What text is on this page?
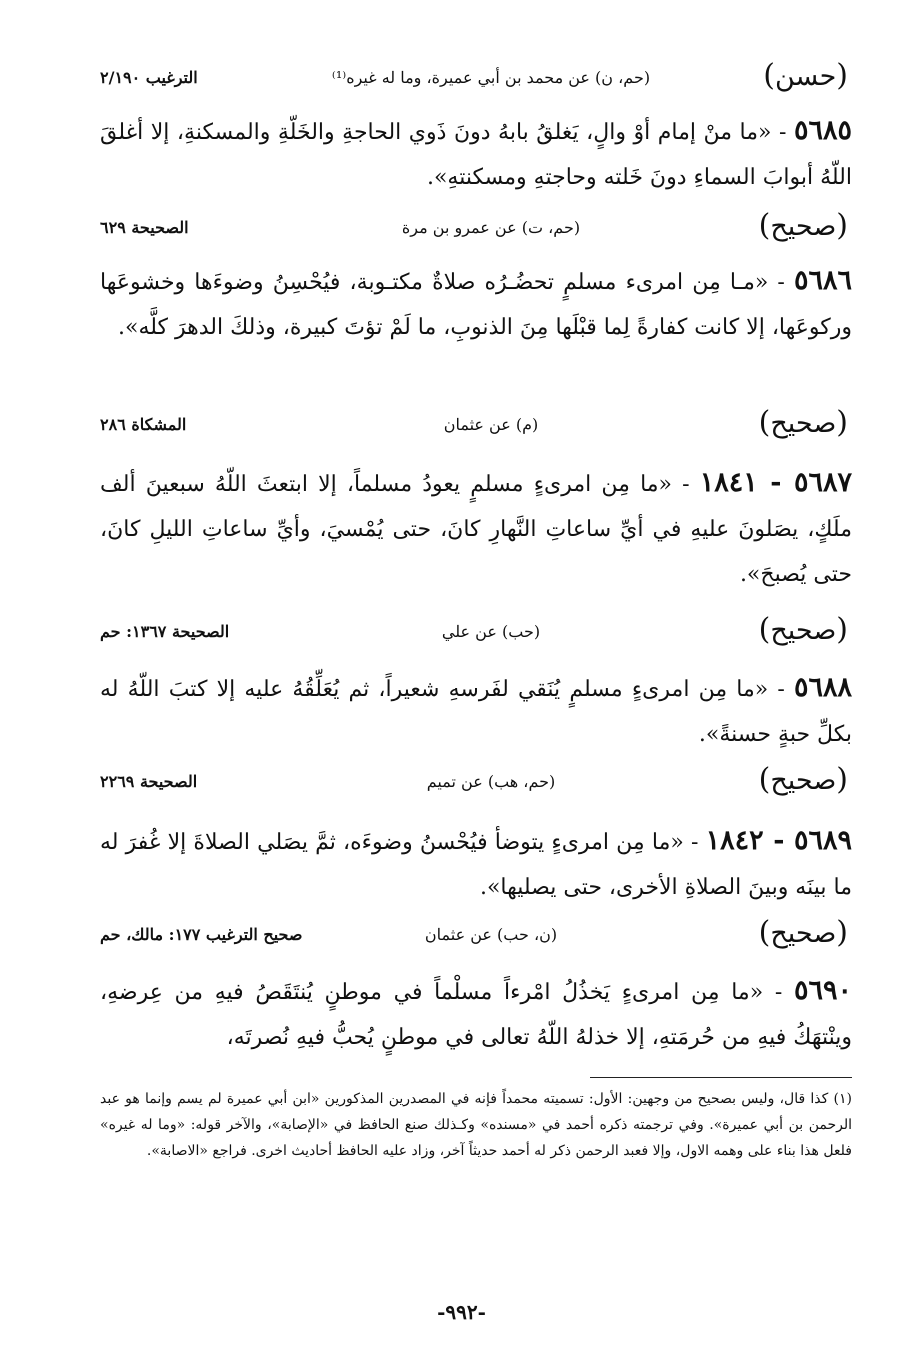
(حسن)
(حم، ن) عن محمد بن أبي عميرة، وما له غيره⁽¹⁾
الترغيب ٢/١٩٠
٥٦٨٥ - «ما منْ إمام أوْ والٍ، يَغلقُ بابهُ دونَ ذَوي الحاجةِ والخَلّةِ والمسكنةِ، إلا أغلقَ اللّهُ أبوابَ السماءِ دونَ خَلته وحاجتهِ ومسكنتهِ».
(صحيح)
(حم، ت) عن عمرو بن مرة
الصحيحة ٦٢٩
٥٦٨٦ - «مـا مِن امرىء مسلمٍ تحضُـرُه صلاةٌ مكتـوبة، فيُحْسِنُ وضوءَها وخشوعَها وركوعَها، إلا كانت كفارةً لِما قبْلَها مِنَ الذنوبِ، ما لَمْ تؤتَ كبيرة، وذلكَ الدهرَ كلَّه».
(صحيح)
(م) عن عثمان
المشكاة ٢٨٦
٥٦٨٧ - ١٨٤١ - «ما مِن امرىءٍ مسلمٍ يعودُ مسلماً، إلا ابتعثَ اللّهُ سبعينَ ألف ملَكٍ، يصَلونَ عليهِ في أيِّ ساعاتِ النَّهارِ كانَ، حتى يُمْسيَ، وأيِّ ساعاتِ الليلِ كانَ، حتى يُصبحَ».
(صحيح)
(حب) عن علي
الصحيحة ١٣٦٧: حم
٥٦٨٨ - «ما مِن امرىءٍ مسلمٍ يُنَقي لفَرسهِ شعيراً، ثم يُعَلِّقُهُ عليه إلا كتبَ اللّهُ له بكلِّ حبةٍ حسنةً».
(صحيح)
(حم، هب) عن تميم
الصحيحة ٢٢٦٩
٥٦٨٩ - ١٨٤٢ - «ما مِن امرىءٍ يتوضأ فيُحْسنُ وضوءَه، ثمَّ يصَلي الصلاةَ إلا غُفرَ له ما بينَه وبينَ الصلاةِ الأخرى، حتى يصليها».
(صحيح)
(ن، حب) عن عثمان
صحيح الترغيب ١٧٧: مالك، حم
٥٦٩٠ - «ما مِن امرىءٍ يَخذُلُ امْرءاً مسلْماً في موطنٍ يُنتَقَصُ فيهِ من عِرضهِ، وينْتهَكُ فيهِ من حُرمَتهِ، إلا خذلهُ اللّهُ تعالى في موطنٍ يُحبُّ فيهِ نُصرتَه،
(١) كذا قال، وليس بصحيح من وجهين: الأول: تسميته محمداً فإنه في المصدرين المذكورين «ابن أبي عميرة لم يسم وإنما هو عبد الرحمن بن أبي عميرة». وفي ترجمته ذكره أحمد في «مسنده» وكـذلك صنع الحافظ في «الإصابة»، والآخر قوله: «وما له غيره» فلعل هذا بناء على وهمه الاول، وإلا فعبد الرحمن ذكر له أحمد حديثاً آخر، وزاد عليه الحافظ أحاديث اخرى. فراجع «الاصابة».
-٩٩٢-
